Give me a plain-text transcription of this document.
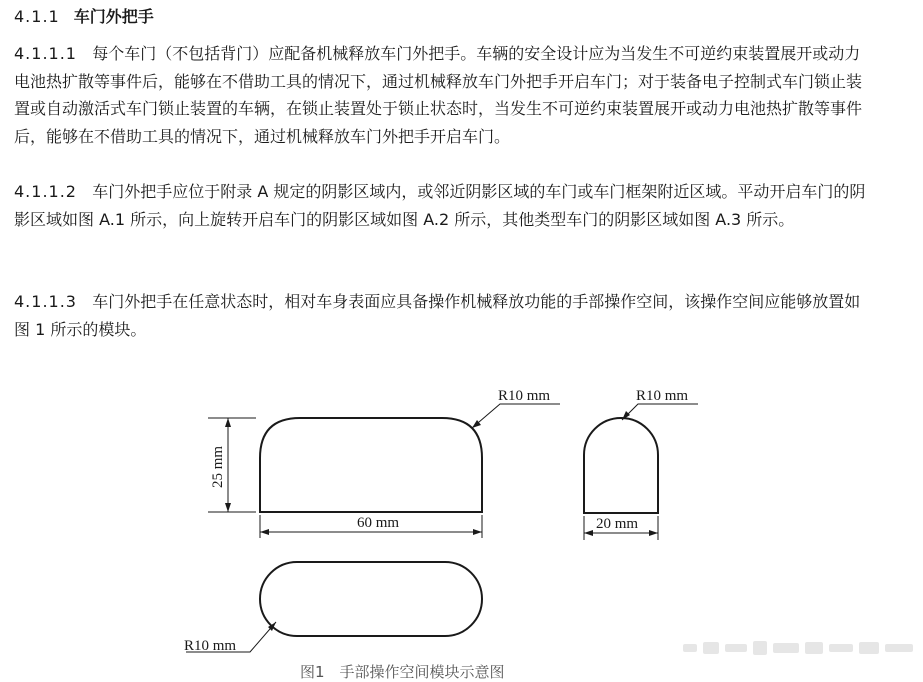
4.1.1 车门外把手
4.1.1.1 每个车门（不包括背门）应配备机械释放车门外把手。车辆的安全设计应为当发生不可逆约束装置展开或动力电池热扩散等事件后，能够在不借助工具的情况下，通过机械释放车门外把手开启车门；对于装备电子控制式车门锁止装置或自动激活式车门锁止装置的车辆，在锁止装置处于锁止状态时，当发生不可逆约束装置展开或动力电池热扩散等事件后，能够在不借助工具的情况下，通过机械释放车门外把手开启车门。
4.1.1.2 车门外把手应位于附录 A 规定的阴影区域内，或邻近阴影区域的车门或车门框架附近区域。平动开启车门的阴影区域如图 A.1 所示，向上旋转开启车门的阴影区域如图 A.2 所示，其他类型车门的阴影区域如图 A.3 所示。
4.1.1.3 车门外把手在任意状态时，相对车身表面应具备操作机械释放功能的手部操作空间，该操作空间应能够放置如图 1 所示的模块。
25 mm
60 mm
R10 mm
20 mm
R10 mm
R10 mm
图1　手部操作空间模块示意图
